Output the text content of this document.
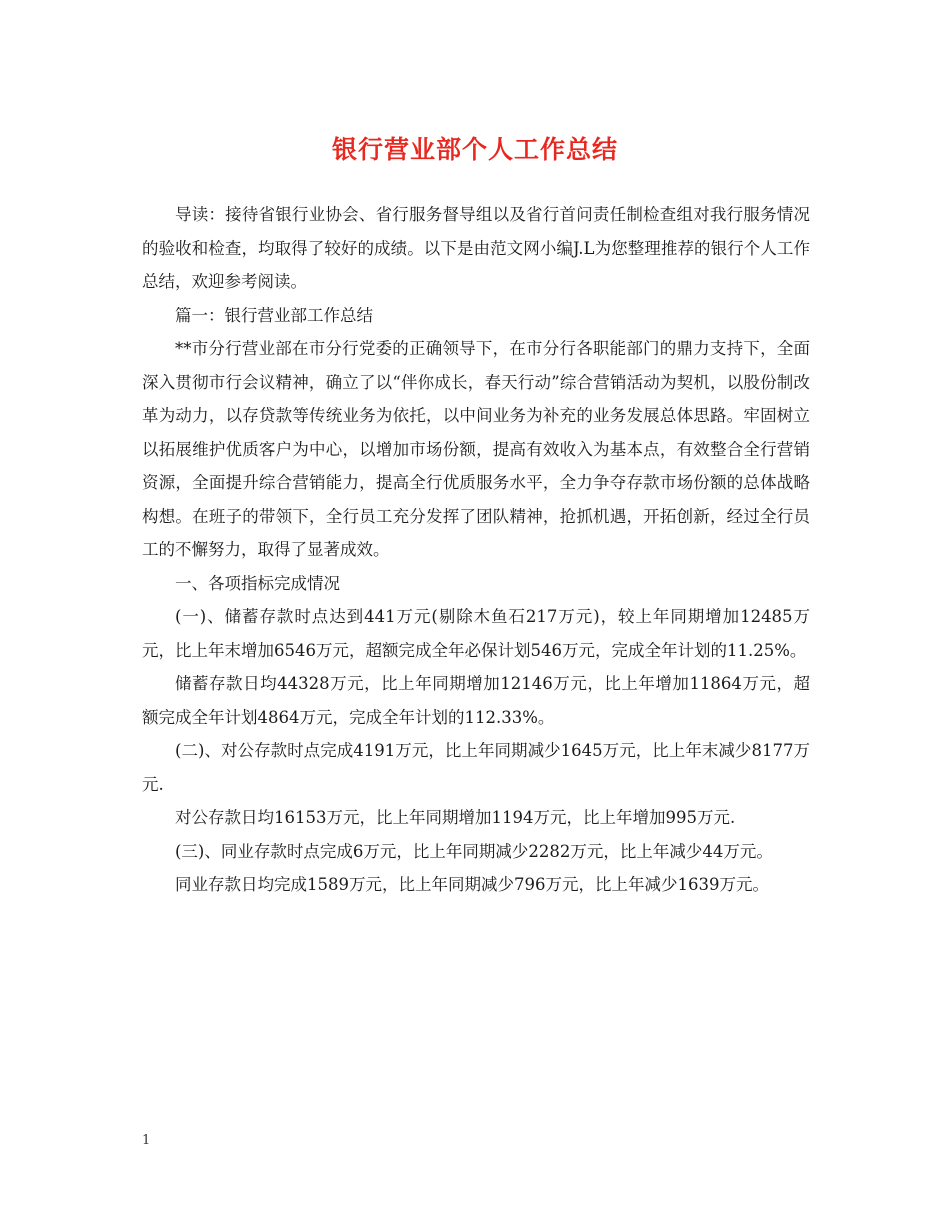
银行营业部个人工作总结

导读：接待省银行业协会、省行服务督导组以及省行首问责任制检查组对我行服务情况的验收和检查，均取得了较好的成绩。以下是由范文网小编J.L为您整理推荐的银行个人工作总结，欢迎参考阅读。

篇一：银行营业部工作总结

**市分行营业部在市分行党委的正确领导下，在市分行各职能部门的鼎力支持下，全面深入贯彻市行会议精神，确立了以“伴你成长，春天行动”综合营销活动为契机，以股份制改革为动力，以存贷款等传统业务为依托，以中间业务为补充的业务发展总体思路。牢固树立以拓展维护优质客户为中心，以增加市场份额，提高有效收入为基本点，有效整合全行营销资源，全面提升综合营销能力，提高全行优质服务水平，全力争夺存款市场份额的总体战略构想。在班子的带领下，全行员工充分发挥了团队精神，抢抓机遇，开拓创新，经过全行员工的不懈努力，取得了显著成效。

一、各项指标完成情况

(一)、储蓄存款时点达到441万元(剔除木鱼石217万元)，较上年同期增加12485万元，比上年末增加6546万元，超额完成全年必保计划546万元，完成全年计划的11.25%。

储蓄存款日均44328万元，比上年同期增加12146万元，比上年增加11864万元，超额完成全年计划4864万元，完成全年计划的112.33%。

(二)、对公存款时点完成4191万元，比上年同期减少1645万元，比上年末减少8177万元.

对公存款日均16153万元，比上年同期增加1194万元，比上年增加995万元.

(三)、同业存款时点完成6万元，比上年同期减少2282万元，比上年减少44万元。

同业存款日均完成1589万元，比上年同期减少796万元，比上年减少1639万元。

1
